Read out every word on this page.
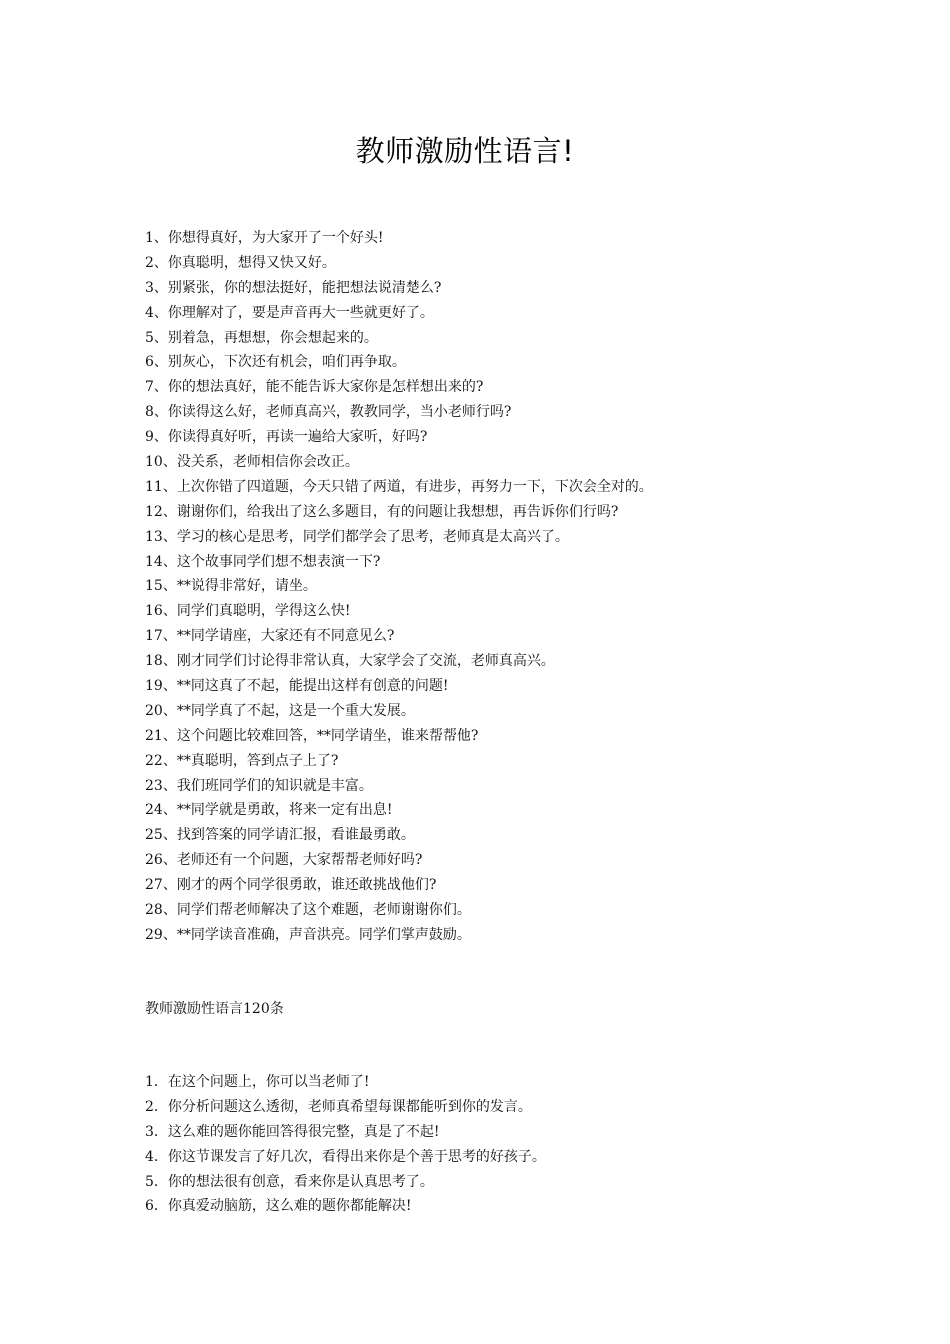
教师激励性语言!
1、你想得真好，为大家开了一个好头!
2、你真聪明，想得又快又好。
3、别紧张，你的想法挺好，能把想法说清楚么?
4、你理解对了，要是声音再大一些就更好了。
5、别着急，再想想，你会想起来的。
6、别灰心，下次还有机会，咱们再争取。
7、你的想法真好，能不能告诉大家你是怎样想出来的?
8、你读得这么好，老师真高兴，教教同学，当小老师行吗?
9、你读得真好听，再读一遍给大家听，好吗?
10、没关系，老师相信你会改正。
11、上次你错了四道题，今天只错了两道，有进步，再努力一下，下次会全对的。
12、谢谢你们，给我出了这么多题目，有的问题让我想想，再告诉你们行吗?
13、学习的核心是思考，同学们都学会了思考，老师真是太高兴了。
14、这个故事同学们想不想表演一下?
15、**说得非常好，请坐。
16、同学们真聪明，学得这么快!
17、**同学请座，大家还有不同意见么?
18、刚才同学们讨论得非常认真，大家学会了交流，老师真高兴。
19、**同这真了不起，能提出这样有创意的问题!
20、**同学真了不起，这是一个重大发展。
21、这个问题比较难回答，**同学请坐，谁来帮帮他?
22、**真聪明，答到点子上了?
23、我们班同学们的知识就是丰富。
24、**同学就是勇敢，将来一定有出息!
25、找到答案的同学请汇报，看谁最勇敢。
26、老师还有一个问题，大家帮帮老师好吗?
27、刚才的两个同学很勇敢，谁还敢挑战他们?
28、同学们帮老师解决了这个难题，老师谢谢你们。
29、**同学读音准确，声音洪亮。同学们掌声鼓励。
教师激励性语言120条
1．在这个问题上，你可以当老师了!
2．你分析问题这么透彻，老师真希望每课都能听到你的发言。
3．这么难的题你能回答得很完整，真是了不起!
4．你这节课发言了好几次，看得出来你是个善于思考的好孩子。
5．你的想法很有创意，看来你是认真思考了。
6．你真爱动脑筋，这么难的题你都能解决!
